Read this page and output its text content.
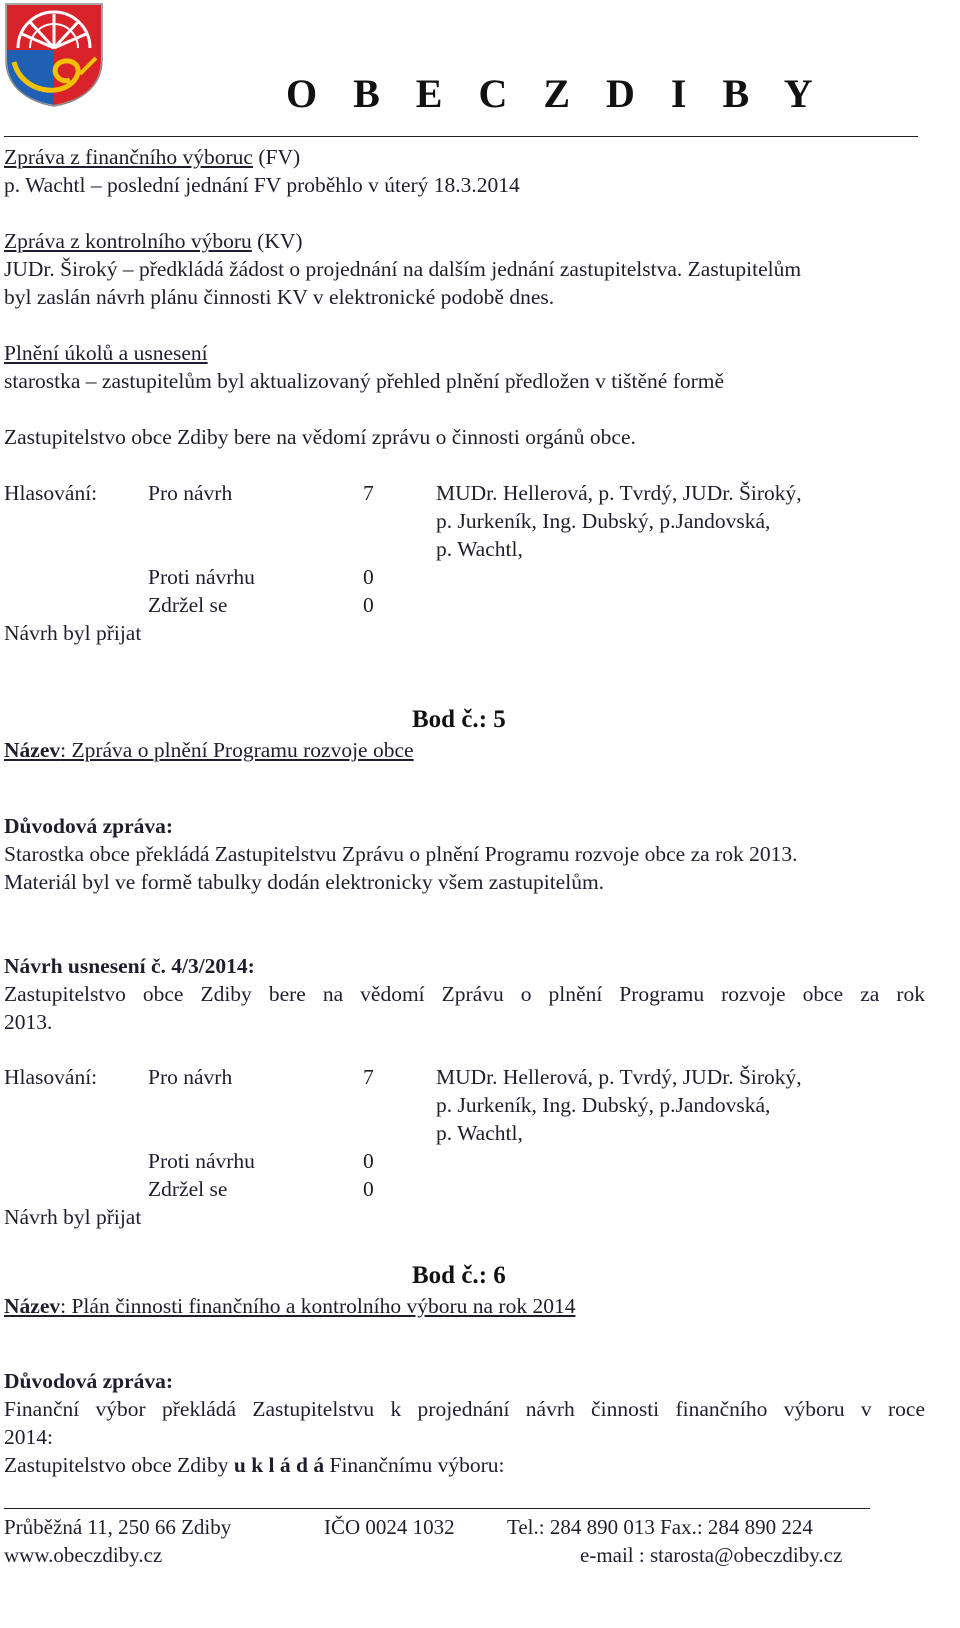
O B E C Z D I B Y
Zpráva z finančního výboruc (FV)
p. Wachtl – poslední jednání FV proběhlo v úterý 18.3.2014
Zpráva z kontrolního výboru (KV)
JUDr. Široký – předkládá žádost o projednání na dalším jednání zastupitelstva. Zastupitelům
byl zaslán návrh plánu činnosti KV v elektronické podobě dnes.
Plnění úkolů a usnesení
starostka – zastupitelům byl aktualizovaný přehled plnění předložen v tištěné formě
Zastupitelstvo obce Zdiby bere na vědomí zprávu o činnosti orgánů obce.
Hlasování: Pro návrh	7	MUDr. Hellerová, p. Tvrdý, JUDr. Široký,
p. Jurkeník, Ing. Dubský, p.Jandovská,
p. Wachtl,
Proti návrhu	0
Zdržel se	0
Návrh byl přijat
Bod č.: 5
Název: Zpráva o plnění Programu rozvoje obce
Důvodová zpráva:
Starostka obce překládá Zastupitelstvu Zprávu o plnění Programu rozvoje obce za rok 2013.
Materiál byl ve formě tabulky dodán elektronicky všem zastupitelům.
Návrh usnesení č. 4/3/2014:
Zastupitelstvo obce Zdiby bere na vědomí Zprávu o plnění Programu rozvoje obce za rok
2013.
Hlasování: Pro návrh	7	MUDr. Hellerová, p. Tvrdý, JUDr. Široký,
p. Jurkeník, Ing. Dubský, p.Jandovská,
p. Wachtl,
Proti návrhu	0
Zdržel se	0
Návrh byl přijat
Bod č.: 6
Název: Plán činnosti finančního a kontrolního výboru na rok 2014
Důvodová zpráva:
Finanční výbor překládá Zastupitelstvu k projednání návrh činnosti finančního výboru v roce
2014:
Zastupitelstvo obce Zdiby u k l á d á Finančnímu výboru:
Průběžná 11, 250 66 Zdiby	IČO 0024 1032 Tel.: 284 890 013 Fax.: 284 890 224
www.obeczdiby.cz	e-mail : starosta@obeczdiby.cz
